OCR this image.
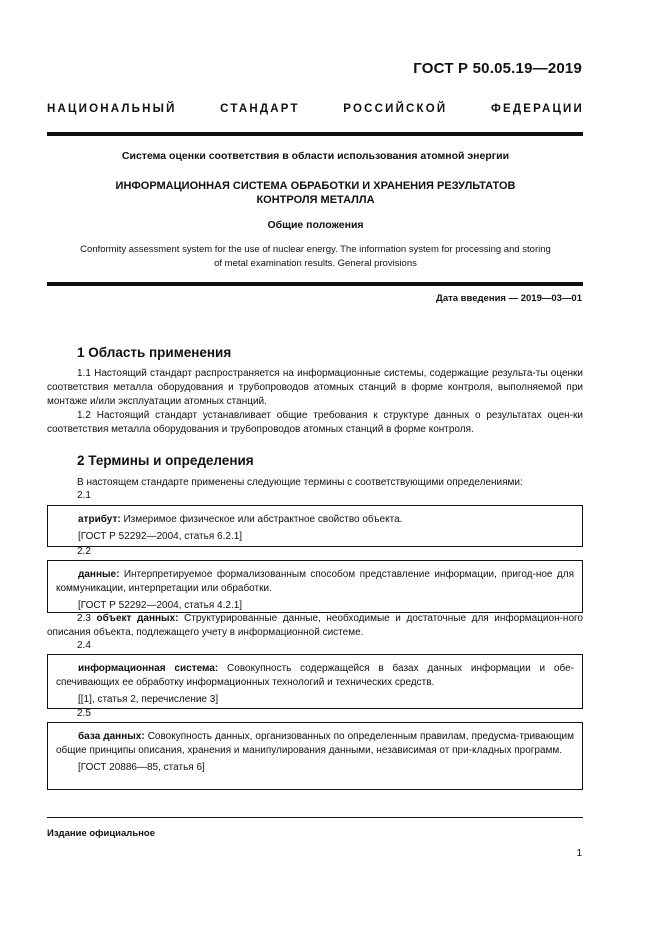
ГОСТ Р 50.05.19—2019
НАЦИОНАЛЬНЫЙ СТАНДАРТ РОССИЙСКОЙ ФЕДЕРАЦИИ
Система оценки соответствия в области использования атомной энергии
ИНФОРМАЦИОННАЯ СИСТЕМА ОБРАБОТКИ И ХРАНЕНИЯ РЕЗУЛЬТАТОВ
КОНТРОЛЯ МЕТАЛЛА
Общие положения
Conformity assessment system for the use of nuclear energy. The information system for processing and storing
of metal examination results. General provisions
Дата введения — 2019—03—01
1 Область применения
1.1 Настоящий стандарт распространяется на информационные системы, содержащие результа-ты оценки соответствия металла оборудования и трубопроводов атомных станций в форме контроля, выполняемой при монтаже и/или эксплуатации атомных станций.
1.2 Настоящий стандарт устанавливает общие требования к структуре данных о результатах оцен-ки соответствия металла оборудования и трубопроводов атомных станций в форме контроля.
2 Термины и определения
В настоящем стандарте применены следующие термины с соответствующими определениями:
2.1
атрибут: Измеримое физическое или абстрактное свойство объекта.
[ГОСТ Р 52292—2004, статья 6.2.1]
2.2
данные: Интерпретируемое формализованным способом представление информации, пригод-ное для коммуникации, интерпретации или обработки.
[ГОСТ Р 52292—2004, статья 4.2.1]
2.3 объект данных: Структурированные данные, необходимые и достаточные для информацион-ного описания объекта, подлежащего учету в информационной системе.
2.4
информационная система: Совокупность содержащейся в базах данных информации и обе-спечивающих ее обработку информационных технологий и технических средств.
[[1], статья 2, перечисление 3]
2.5
база данных: Совокупность данных, организованных по определенным правилам, предусма-тривающим общие принципы описания, хранения и манипулирования данными, независимая от при-кладных программ.
[ГОСТ 20886—85, статья 6]
Издание официальное
1
